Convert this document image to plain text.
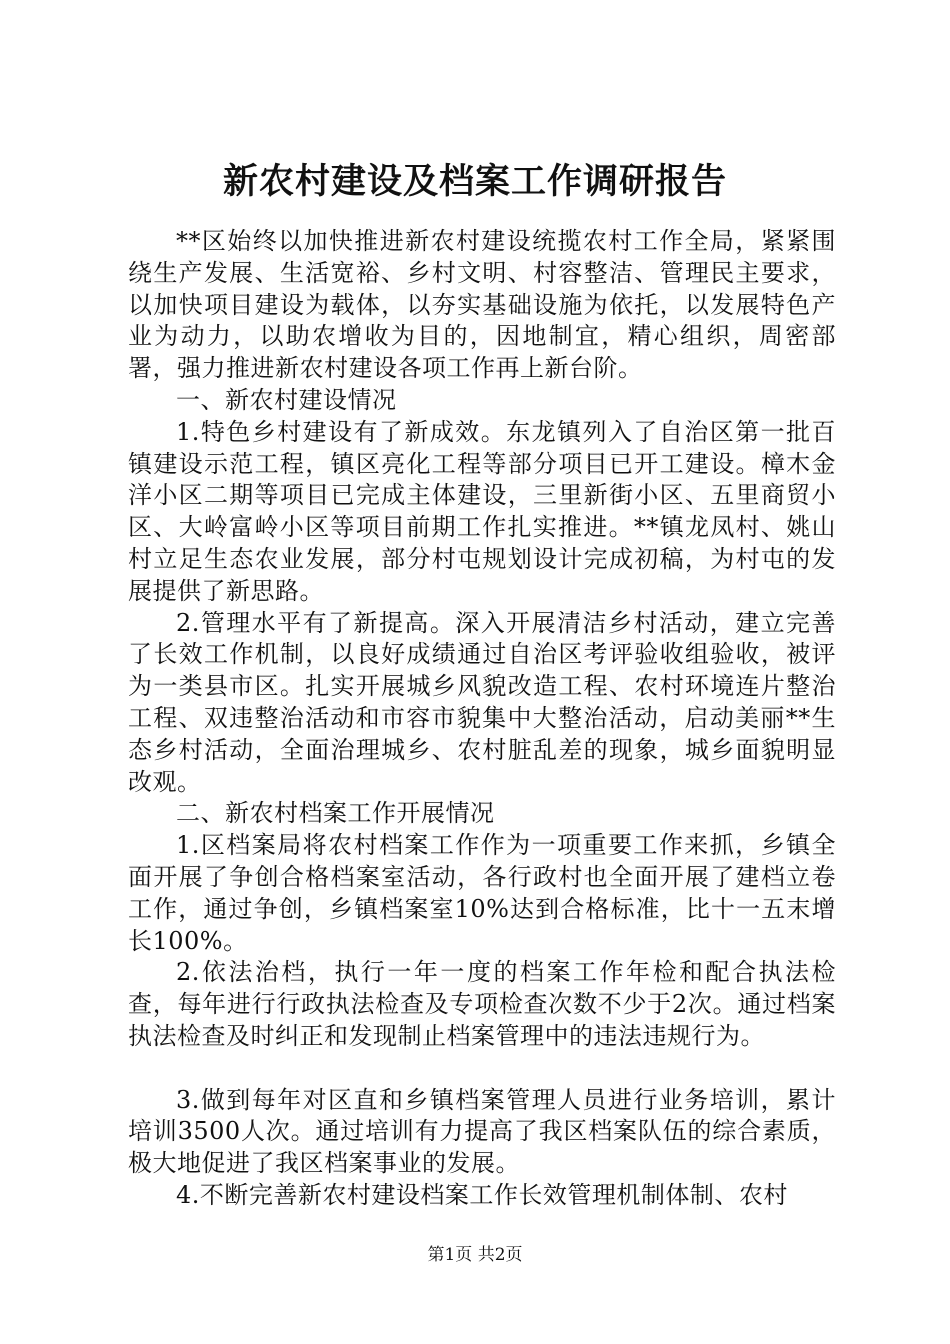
新农村建设及档案工作调研报告

**区始终以加快推进新农村建设统揽农村工作全局，紧紧围绕生产发展、生活宽裕、乡村文明、村容整洁、管理民主要求，以加快项目建设为载体，以夯实基础设施为依托，以发展特色产业为动力，以助农增收为目的，因地制宜，精心组织，周密部署，强力推进新农村建设各项工作再上新台阶。

一、新农村建设情况

1.特色乡村建设有了新成效。东龙镇列入了自治区第一批百镇建设示范工程，镇区亮化工程等部分项目已开工建设。樟木金洋小区二期等项目已完成主体建设，三里新街小区、五里商贸小区、大岭富岭小区等项目前期工作扎实推进。**镇龙凤村、姚山村立足生态农业发展，部分村屯规划设计完成初稿，为村屯的发展提供了新思路。

2.管理水平有了新提高。深入开展清洁乡村活动，建立完善了长效工作机制，以良好成绩通过自治区考评验收组验收，被评为一类县市区。扎实开展城乡风貌改造工程、农村环境连片整治工程、双违整治活动和市容市貌集中大整治活动，启动美丽**生态乡村活动，全面治理城乡、农村脏乱差的现象，城乡面貌明显改观。

二、新农村档案工作开展情况

1.区档案局将农村档案工作作为一项重要工作来抓，乡镇全面开展了争创合格档案室活动，各行政村也全面开展了建档立卷工作，通过争创，乡镇档案室10%达到合格标准，比十一五末增长100%。

2.依法治档，执行一年一度的档案工作年检和配合执法检查，每年进行行政执法检查及专项检查次数不少于2次。通过档案执法检查及时纠正和发现制止档案管理中的违法违规行为。

3.做到每年对区直和乡镇档案管理人员进行业务培训，累计培训3500人次。通过培训有力提高了我区档案队伍的综合素质，极大地促进了我区档案事业的发展。

4.不断完善新农村建设档案工作长效管理机制体制、农村

第1页 共2页
